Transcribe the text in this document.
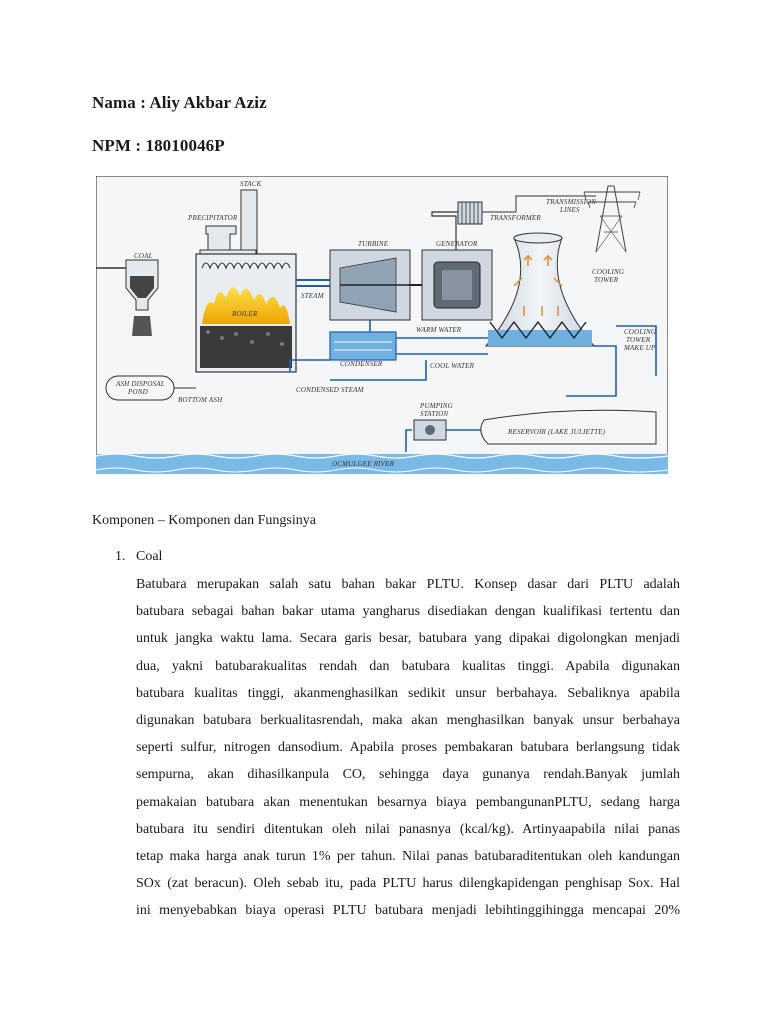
Nama : Aliy Akbar Aziz
NPM : 18010046P
STACK
PRECIPITATOR
COAL
BOILER
STEAM
TURBINE	GENERATOR
TRANSFORMER
TRANSMISSION
LINES
COOLING
TOWER
COOLING
TOWER
MAKE UP
WARM WATER
CONDENSER	COOL WATER
CONDENSED STEAM
ASH DISPOSAL
POND
BOTTOM ASH
PUMPING
STATION
RESERVOIR (LAKE JULIETTE)
OCMULGEE RIVER
Komponen – Komponen dan Fungsinya
1. Coal
Batubara merupakan salah satu bahan bakar PLTU. Konsep dasar dari PLTU adalah
batubara sebagai bahan bakar utama yangharus disediakan dengan kualifikasi tertentu dan
untuk jangka waktu lama. Secara garis besar, batubara yang dipakai digolongkan menjadi
dua, yakni batubarakualitas rendah dan batubara kualitas tinggi. Apabila digunakan
batubara kualitas tinggi, akanmenghasilkan sedikit unsur berbahaya. Sebaliknya apabila
digunakan batubara berkualitasrendah, maka akan menghasilkan banyak unsur berbahaya
seperti sulfur, nitrogen dansodium. Apabila proses pembakaran batubara berlangsung tidak
sempurna, akan dihasilkanpula CO, sehingga daya gunanya rendah.Banyak jumlah
pemakaian batubara akan menentukan besarnya biaya pembangunanPLTU, sedang harga
batubara itu sendiri ditentukan oleh nilai panasnya (kcal/kg). Artinyaapabila nilai panas
tetap maka harga anak turun 1% per tahun. Nilai panas batubaraditentukan oleh kandungan
SOx (zat beracun). Oleh sebab itu, pada PLTU harus dilengkapidengan penghisap Sox. Hal
ini menyebabkan biaya operasi PLTU batubara menjadi lebihtinggihingga mencapai 20%
